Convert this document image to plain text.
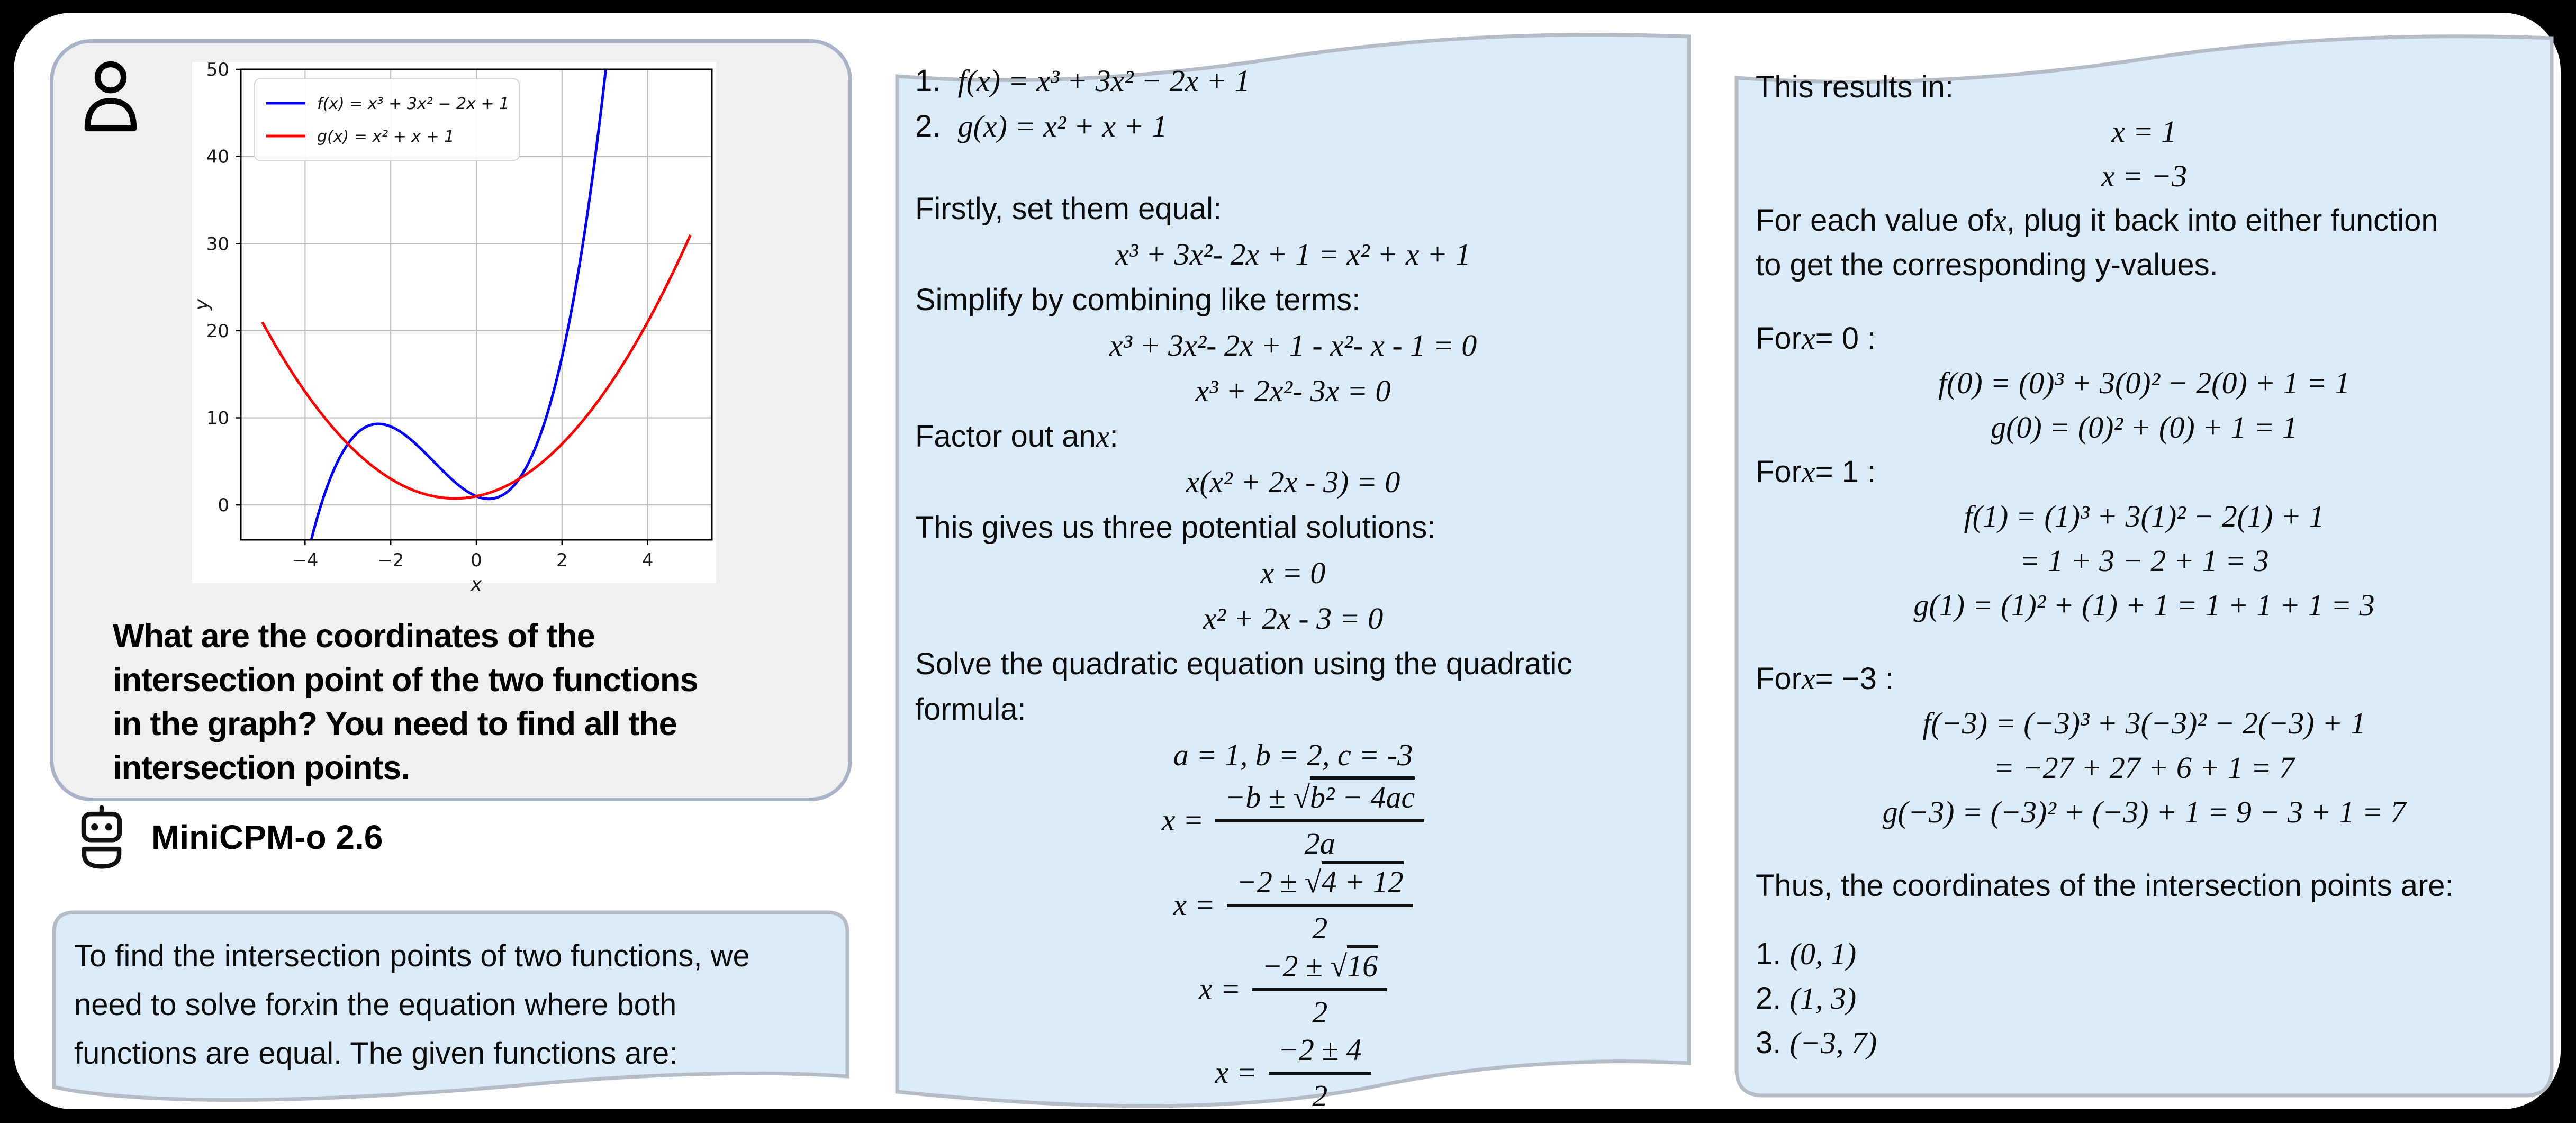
−4	−2	0	2	4
0
10
20
30
40
50
x
y
f(x) = x³ + 3x² − 2x + 1
g(x) = x² + x + 1
What are the coordinates of the
intersection point of the two functions
in the graph? You need to find all the
intersection points.
MiniCPM-o 2.6
To find the intersection points of two functions, we
need to solve for x in the equation where both
functions are equal. The given functions are:
1.
f(x) = x³ + 3x² − 2x + 1
2.
g(x) = x² + x + 1
Firstly, set them equal:
x³ + 3x²- 2x + 1 = x² + x + 1
Simplify by combining like terms:
x³ + 3x²- 2x + 1 - x²- x - 1 = 0
x³ + 2x²- 3x = 0
Factor out an x :
x(x² + 2x - 3) = 0
This gives us three potential solutions:
x = 0
x² + 2x - 3 = 0
Solve the quadratic equation using the quadratic
formula:
a = 1, b = 2, c = -3
$x = \frac{\text{−b ± √b² − 4ac}}{2a}$
$x = \frac{-2 \pm √4 + 12}{2}$
$x = \frac{-2 \pm √16}{2}$
$x = \frac{-2 \pm 4}{2}$
This results in:
x = 1
x = −3
For each value of x , plug it back into either function
to get the corresponding y-values.
For x = 0 :
f(0) = (0)³ + 3(0)² − 2(0) + 1 = 1
g(0) = (0)² + (0) + 1 = 1
For x = 1 :
f(1) = (1)³ + 3(1)² − 2(1) + 1
= 1 + 3 − 2 + 1 = 3
g(1) = (1)² + (1) + 1 = 1 + 1 + 1 = 3
For x = −3 :
f(−3) = (−3)³ + 3(−3)² − 2(−3) + 1
= −27 + 27 + 6 + 1 = 7
g(−3) = (−3)² + (−3) + 1 = 9 − 3 + 1 = 7
Thus, the coordinates of the intersection points are:
1.
(0, 1)
2.
(1, 3)
3.
(−3, 7)
